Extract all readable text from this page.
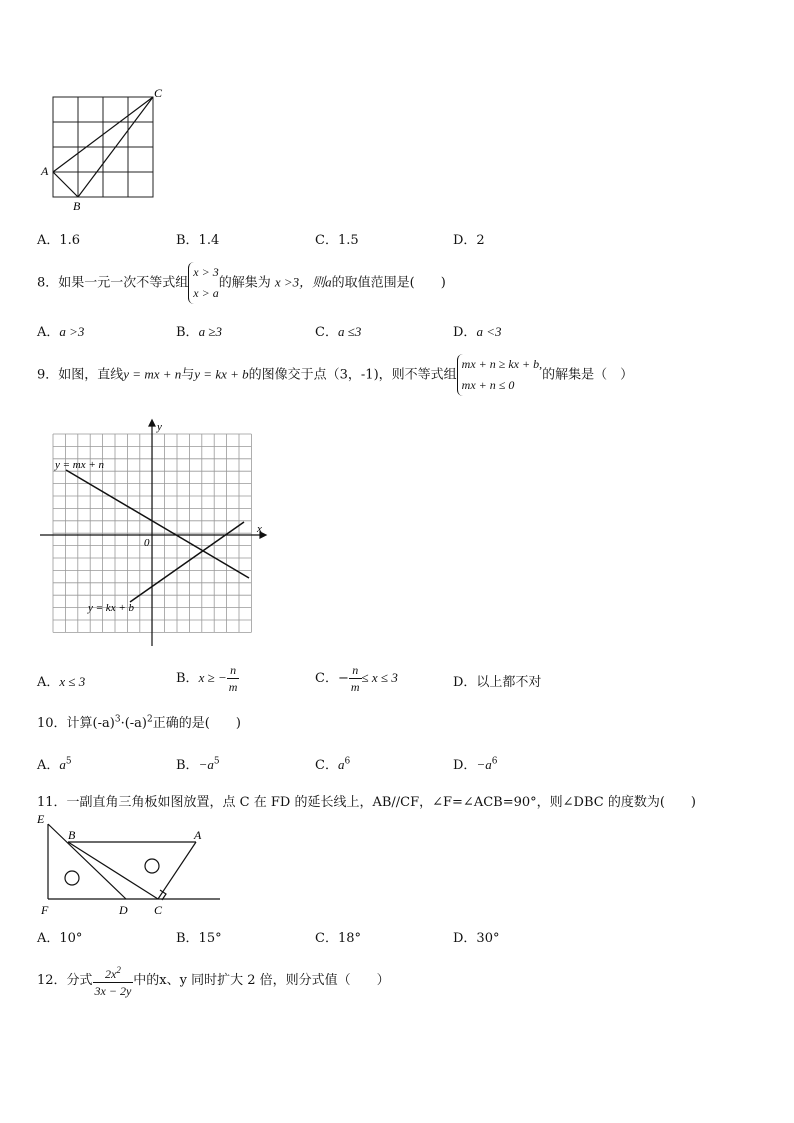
A
B
C
A．1.6	B．1.4	C．1.5	D．2
8．如果一元一次不等式组x > 3
x > a的解集为 x >3，则a的取值范围是(　　)
A．a >3	B．a ≥3	C．a ≤3	D．a <3
9．如图，直线y = mx + n与y = kx + b的图像交于点（3，-1)，则不等式组mx + n ≥ kx + b,
mx + n ≤ 0的解集是（　）
y
x
0
y = mx + n
y = kx + b
A．x ≤ 3	B．x ≥ − $\frac{n}{m}$	C．− $\frac{n}{m} \le x \le 3$	D．以上都不对
10．计算$(-a)^3\cdot(-a)^2$正确的是(　　)
A．$a^5$	B．$-a^5$	C．$a^6$	D．$-a^6$
11．一副直角三角板如图放置，点 C 在 FD 的延长线上，AB//CF，∠F=∠ACB=90°，则∠DBC 的度数为(　　)
E
B	A
F	D C
A．10°	B．15°	C．18°	D．30°
12．分式 $\frac{2x^2}{3x - 2y}$ 中的x、y 同时扩大 2 倍，则分式值（　　）
